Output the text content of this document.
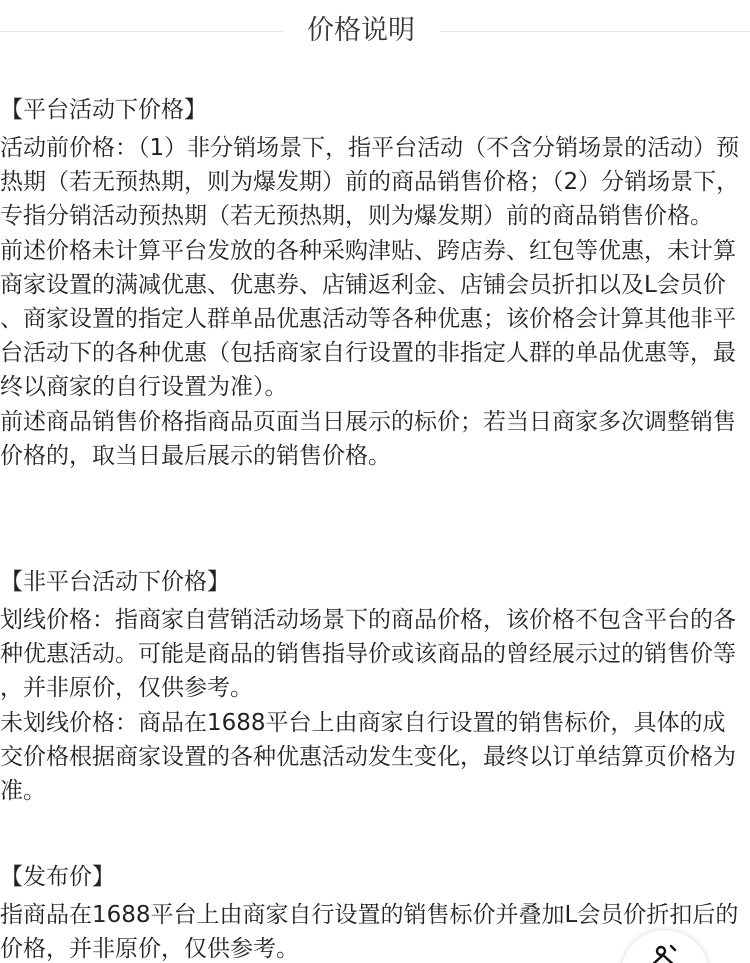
价格说明
【平台活动下价格】

活动前价格：（1）非分销场景下，指平台活动（不含分销场景的活动）预热期（若无预热期，则为爆发期）前的商品销售价格；（2）分销场景下，专指分销活动预热期（若无预热期，则为爆发期）前的商品销售价格。 前述价格未计算平台发放的各种采购津贴、跨店券、红包等优惠，未计算商家设置的满减优惠、优惠券、店铺返利金、店铺会员折扣以及L会员价、商家设置的指定人群单品优惠活动等各种优惠；该价格会计算其他非平台活动下的各种优惠（包括商家自行设置的非指定人群的单品优惠等，最终以商家的自行设置为准）。

前述商品销售价格指商品页面当日展示的标价；若当日商家多次调整销售价格的，取当日最后展示的销售价格。

【非平台活动下价格】

划线价格：指商家自营销活动场景下的商品价格，该价格不包含平台的各种优惠活动。可能是商品的销售指导价或该商品的曾经展示过的销售价等，并非原价，仅供参考。

未划线价格：商品在1688平台上由商家自行设置的销售标价，具体的成交价格根据商家设置的各种优惠活动发生变化，最终以订单结算页价格为准。

【发布价】

指商品在1688平台上由商家自行设置的销售标价并叠加L会员价折扣后的价格，并非原价，仅供参考。
